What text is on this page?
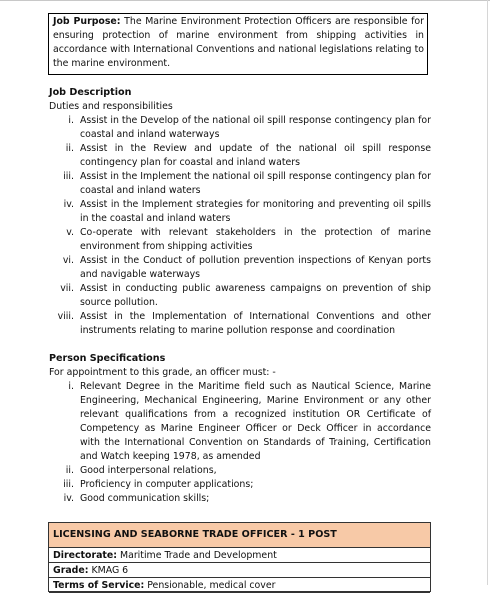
Job Purpose: The Marine Environment Protection Officers are responsible for ensuring protection of marine environment from shipping activities in accordance with International Conventions and national legislations relating to the marine environment.
Job Description
Duties and responsibilities
i. Assist in the Develop of the national oil spill response contingency plan for coastal and inland waterways
ii. Assist in the Review and update of the national oil spill response contingency plan for coastal and inland waters
iii. Assist in the Implement the national oil spill response contingency plan for coastal and inland waters
iv. Assist in the Implement strategies for monitoring and preventing oil spills in the coastal and inland waters
v. Co-operate with relevant stakeholders in the protection of marine environment from shipping activities
vi. Assist in the Conduct of pollution prevention inspections of Kenyan ports and navigable waterways
vii. Assist in conducting public awareness campaigns on prevention of ship source pollution.
viii. Assist in the Implementation of International Conventions and other instruments relating to marine pollution response and coordination
Person Specifications
For appointment to this grade, an officer must: -
i. Relevant Degree in the Maritime field such as Nautical Science, Marine Engineering, Mechanical Engineering, Marine Environment or any other relevant qualifications from a recognized institution OR Certificate of Competency as Marine Engineer Officer or Deck Officer in accordance with the International Convention on Standards of Training, Certification and Watch keeping 1978, as amended
ii. Good interpersonal relations,
iii. Proficiency in computer applications;
iv. Good communication skills;
LICENSING AND SEABORNE TRADE OFFICER - 1 POST
Directorate: Maritime Trade and Development
Grade: KMAG 6
Terms of Service: Pensionable, medical cover
